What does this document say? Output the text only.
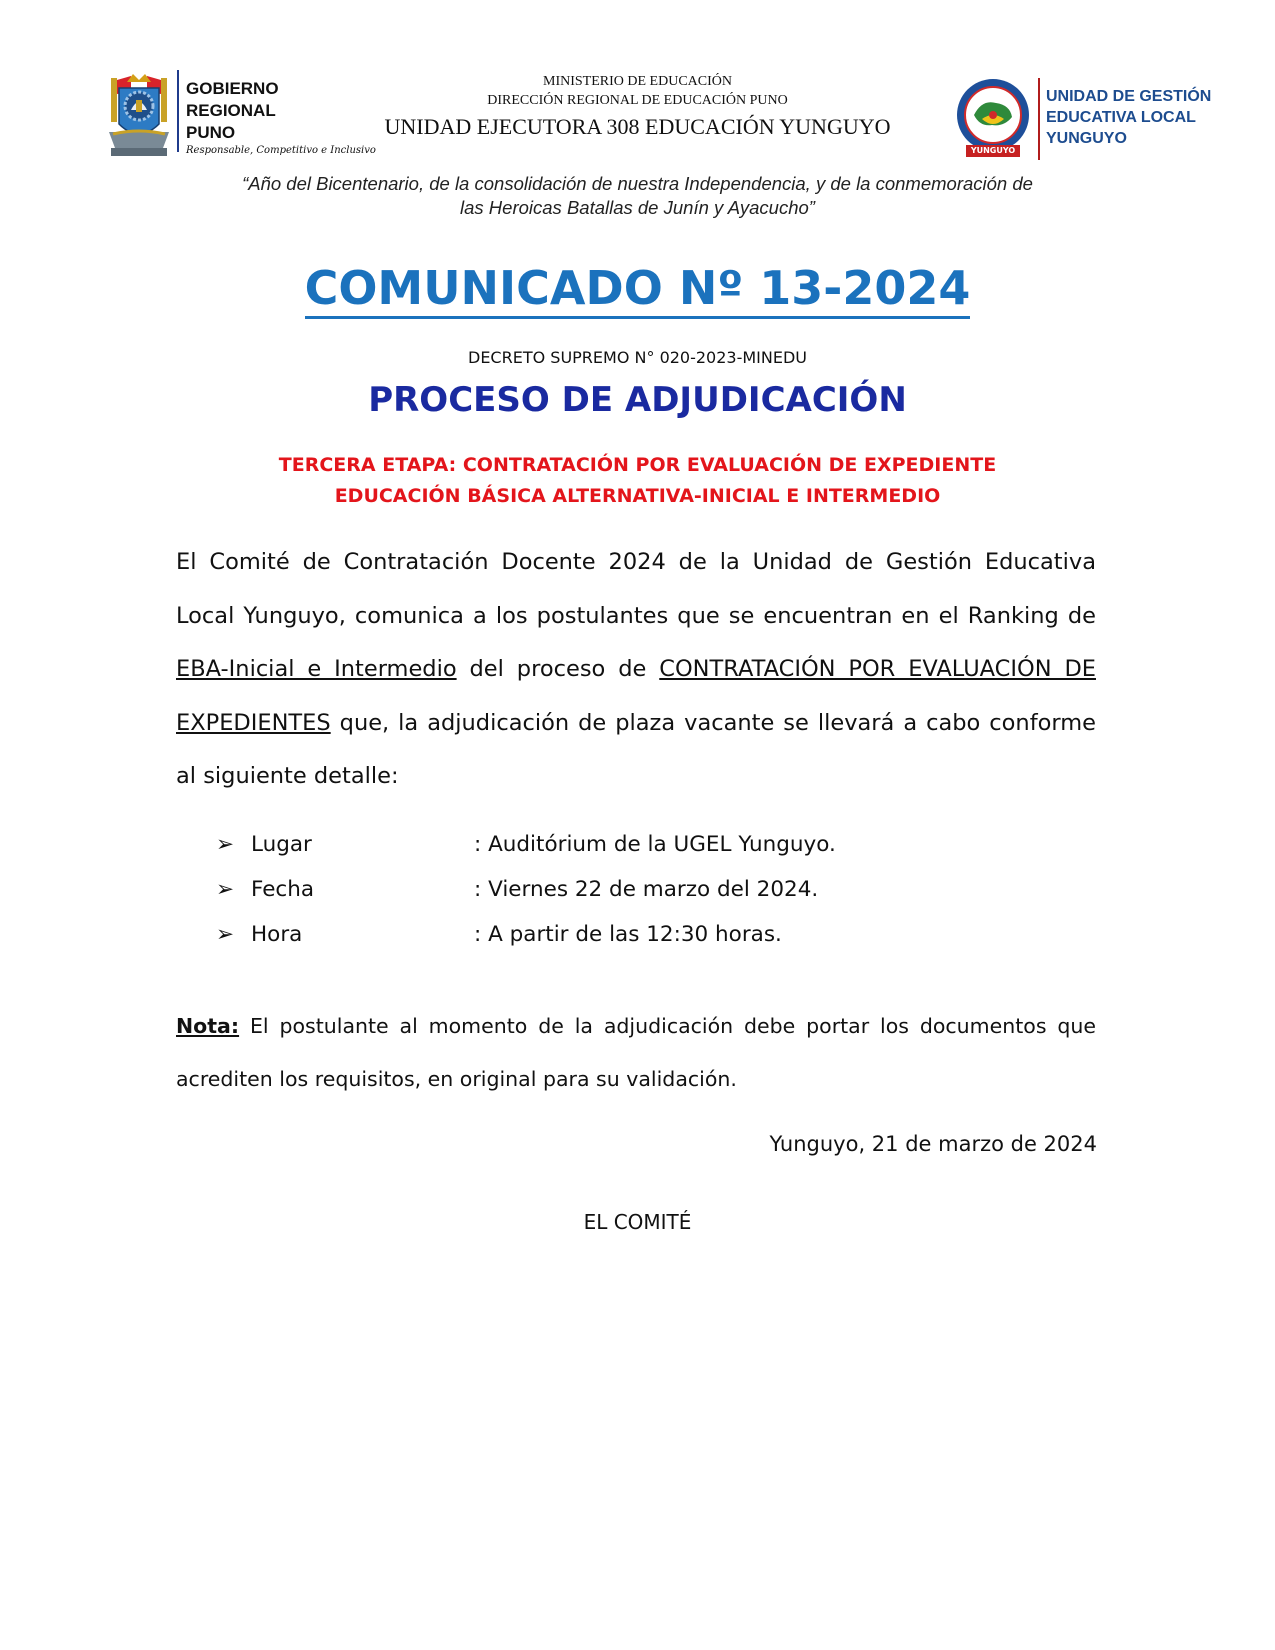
GOBIERNO
REGIONAL
PUNO
Responsable, Competitivo e Inclusivo
MINISTERIO DE EDUCACIÓN
DIRECCIÓN REGIONAL DE EDUCACIÓN PUNO
UNIDAD EJECUTORA 308 EDUCACIÓN YUNGUYO
YUNGUYO
UNIDAD DE GESTIÓN
EDUCATIVA LOCAL
YUNGUYO
“Año del Bicentenario, de la consolidación de nuestra Independencia, y de la conmemoración de
las Heroicas Batallas de Junín y Ayacucho”
COMUNICADO Nº 13-2024
DECRETO SUPREMO N° 020-2023-MINEDU
PROCESO DE ADJUDICACIÓN
TERCERA ETAPA: CONTRATACIÓN POR EVALUACIÓN DE EXPEDIENTE
EDUCACIÓN BÁSICA ALTERNATIVA-INICIAL E INTERMEDIO
El Comité de Contratación Docente 2024 de la Unidad de Gestión Educativa Local Yunguyo, comunica a los postulantes que se encuentran en el Ranking de EBA-Inicial e Intermedio del proceso de CONTRATACIÓN POR EVALUACIÓN DE EXPEDIENTES que, la adjudicación de plaza vacante se llevará a cabo conforme al siguiente detalle:
➢ Lugar	: Auditórium de la UGEL Yunguyo.
➢ Fecha	: Viernes 22 de marzo del 2024.
➢ Hora	: A partir de las 12:30 horas.
Nota: El postulante al momento de la adjudicación debe portar los documentos que acrediten los requisitos, en original para su validación.
Yunguyo, 21 de marzo de 2024
EL COMITÉ
